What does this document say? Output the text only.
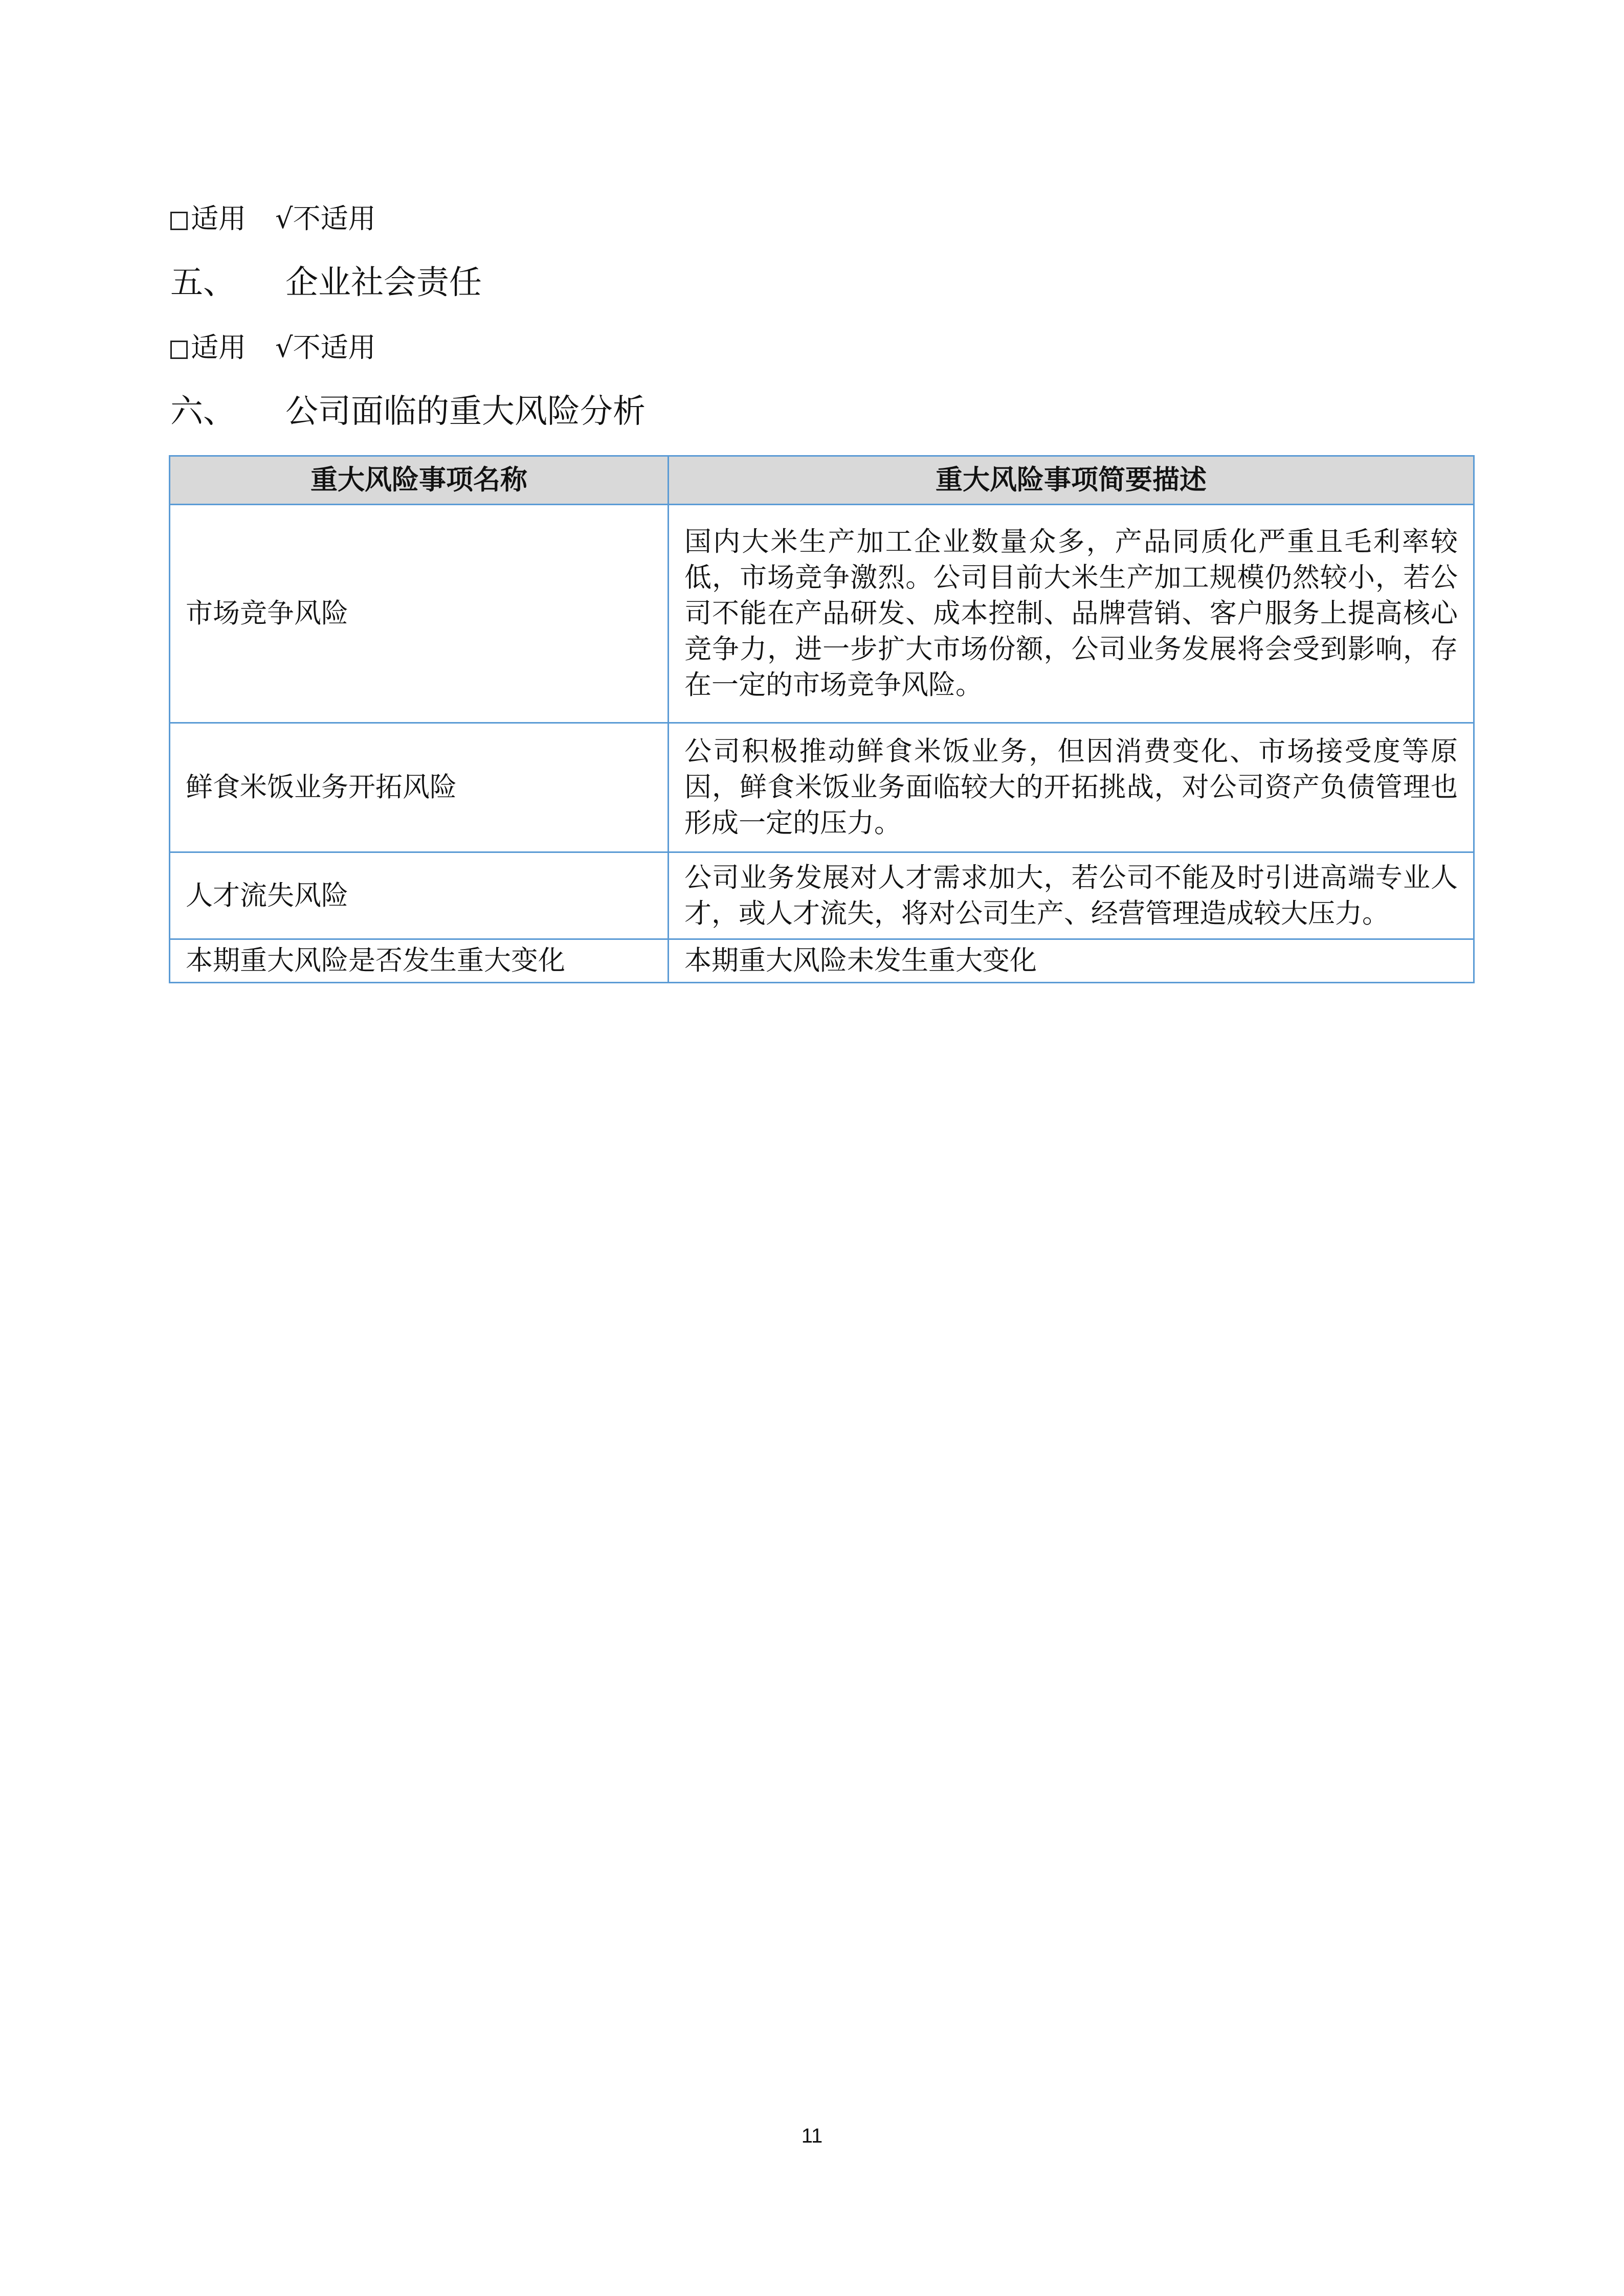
适用 √不适用
五、 企业社会责任
适用 √不适用
六、 公司面临的重大风险分析
重大风险事项名称	重大风险事项简要描述
市场竞争风险	国内大米生产加工企业数量众多，产品同质化严重且毛利率较低，市场竞争激烈。公司目前大米生产加工规模仍然较小，若公司不能在产品研发、成本控制、品牌营销、客户服务上提高核心竞争力，进一步扩大市场份额，公司业务发展将会受到影响，存在一定的市场竞争风险。
鲜食米饭业务开拓风险	公司积极推动鲜食米饭业务，但因消费变化、市场接受度等原因，鲜食米饭业务面临较大的开拓挑战，对公司资产负债管理也形成一定的压力。
人才流失风险	公司业务发展对人才需求加大，若公司不能及时引进高端专业人才，或人才流失，将对公司生产、经营管理造成较大压力。
本期重大风险是否发生重大变化	本期重大风险未发生重大变化
11
